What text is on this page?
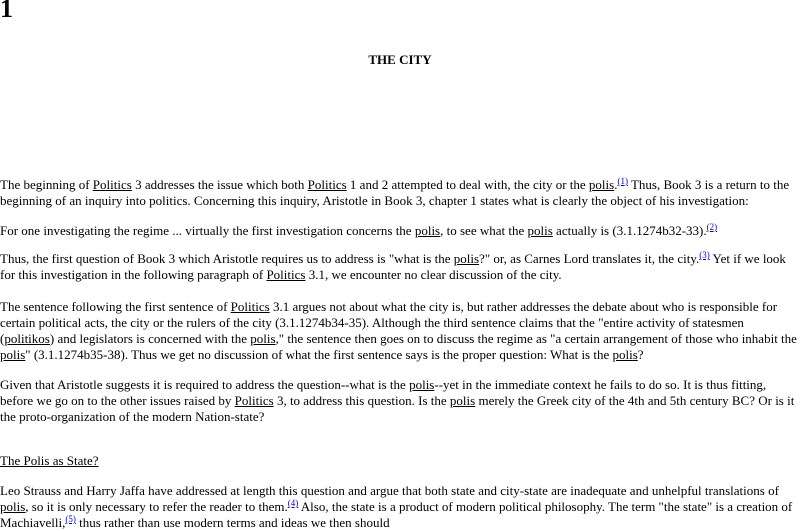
1
THE CITY

The beginning of Politics 3 addresses the issue which both Politics 1 and 2 attempted to deal with, the city or the polis.$^{(1)}$ Thus, Book 3 is a return to the beginning of an inquiry into politics. Concerning this inquiry, Aristotle in Book 3, chapter 1 states what is clearly the object of his investigation:

For one investigating the regime ... virtually the first investigation concerns the polis, to see what the polis actually is (3.1.1274b32-33).$^{(2)}$

Thus, the first question of Book 3 which Aristotle requires us to address is "what is the polis?" or, as Carnes Lord translates it, the city.$^{(3)}$ Yet if we look for this investigation in the following paragraph of Politics 3.1, we encounter no clear discussion of the city.

The sentence following the first sentence of Politics 3.1 argues not about what the city is, but rather addresses the debate about who is responsible for certain political acts, the city or the rulers of the city (3.1.1274b34-35). Although the third sentence claims that the "entire activity of statesmen (politikos) and legislators is concerned with the polis," the sentence then goes on to discuss the regime as "a certain arrangement of those who inhabit the polis" (3.1.1274b35-38). Thus we get no discussion of what the first sentence says is the proper question: What is the polis?

Given that Aristotle suggests it is required to address the question--what is the polis--yet in the immediate context he fails to do so. It is thus fitting, before we go on to the other issues raised by Politics 3, to address this question. Is the polis merely the Greek city of the 4th and 5th century BC? Or is it the proto-organization of the modern Nation-state?

The Polis as State?

Leo Strauss and Harry Jaffa have addressed at length this question and argue that both state and city-state are inadequate and unhelpful translations of polis, so it is only necessary to refer the reader to them.$^{(4)}$ Also, the state is a product of modern political philosophy. The term "the state" is a creation of Machiavelli,$^{(5)}$ thus rather than use modern terms and ideas we then should
